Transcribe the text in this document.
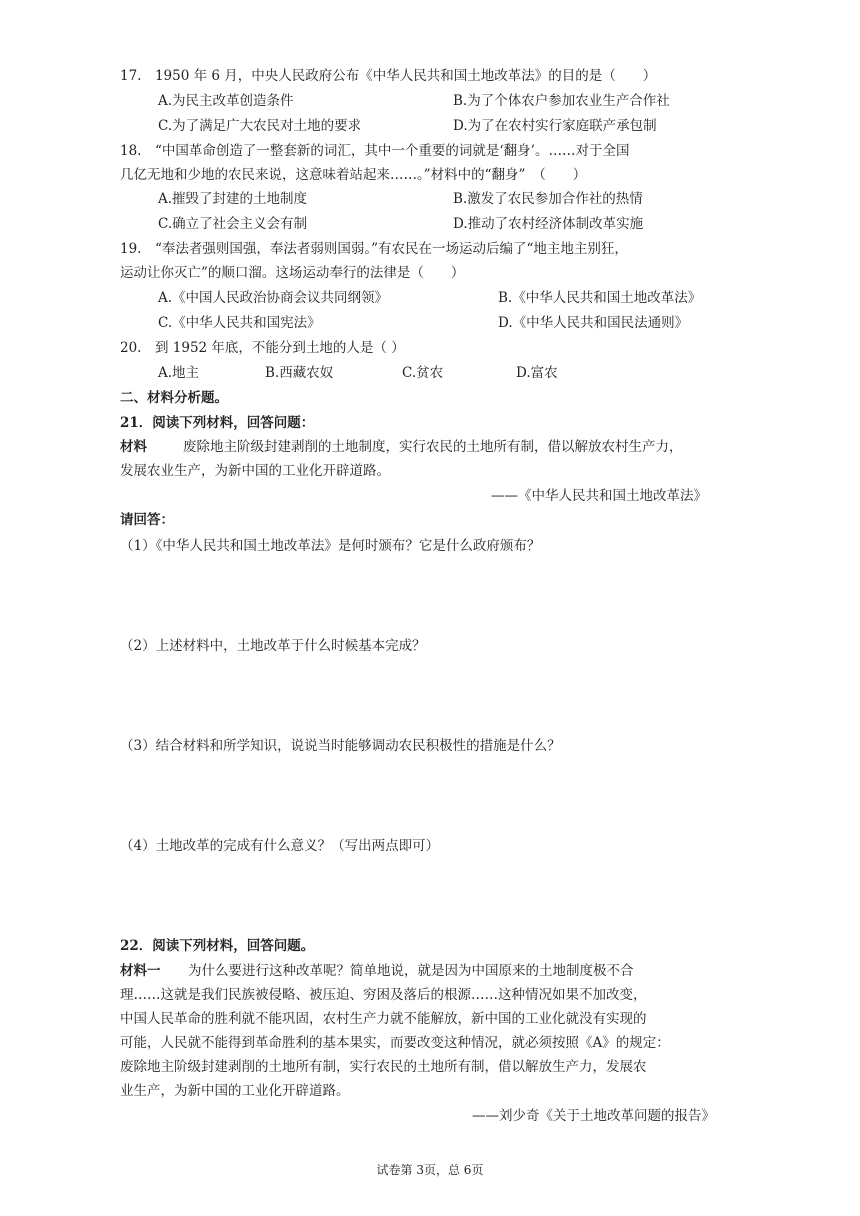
17.　1950 年 6 月，中央人民政府公布《中华人民共和国土地改革法》的目的是（　　）
A.为民主改革创造条件	B.为了个体农户参加农业生产合作社
C.为了满足广大农民对土地的要求	D.为了在农村实行家庭联产承包制
18.　“中国革命创造了一整套新的词汇，其中一个重要的词就是‘翻身’。……对于全国
几亿无地和少地的农民来说，这意味着站起来……。”材料中的“翻身”　（　　）
A.摧毁了封建的土地制度	B.激发了农民参加合作社的热情
C.确立了社会主义会有制	D.推动了农村经济体制改革实施
19.　“奉法者强则国强，奉法者弱则国弱。”有农民在一场运动后编了“地主地主别狂，
运动让你灭亡”的顺口溜。这场运动奉行的法律是（　　）
A.《中国人民政治协商会议共同纲领》	B.《中华人民共和国土地改革法》
C.《中华人民共和国宪法》	D.《中华人民共和国民法通则》
20.　到 1952 年底，不能分到土地的人是（ ）
A.地主	B.西藏农奴	C.贫农	D.富农
二、材料分析题。
21．阅读下列材料，回答问题：
材料	废除地主阶级封建剥削的土地制度，实行农民的土地所有制，借以解放农村生产力，
发展农业生产，为新中国的工业化开辟道路。
——《中华人民共和国土地改革法》
请回答：
（1）《中华人民共和国土地改革法》是何时颁布？它是什么政府颁布？
（2）上述材料中，土地改革于什么时候基本完成？
（3）结合材料和所学知识，说说当时能够调动农民积极性的措施是什么？
（4）土地改革的完成有什么意义？（写出两点即可）
22．阅读下列材料，回答问题。
材料一 为什么要进行这种改革呢？简单地说，就是因为中国原来的土地制度极不合
理……这就是我们民族被侵略、被压迫、穷困及落后的根源……这种情况如果不加改变，
中国人民革命的胜利就不能巩固，农村生产力就不能解放，新中国的工业化就没有实现的
可能，人民就不能得到革命胜利的基本果实，而要改变这种情况，就必须按照《A》的规定：
废除地主阶级封建剥削的土地所有制，实行农民的土地所有制，借以解放生产力，发展农
业生产，为新中国的工业化开辟道路。
——刘少奇《关于土地改革问题的报告》
试卷第 3页，总 6页
